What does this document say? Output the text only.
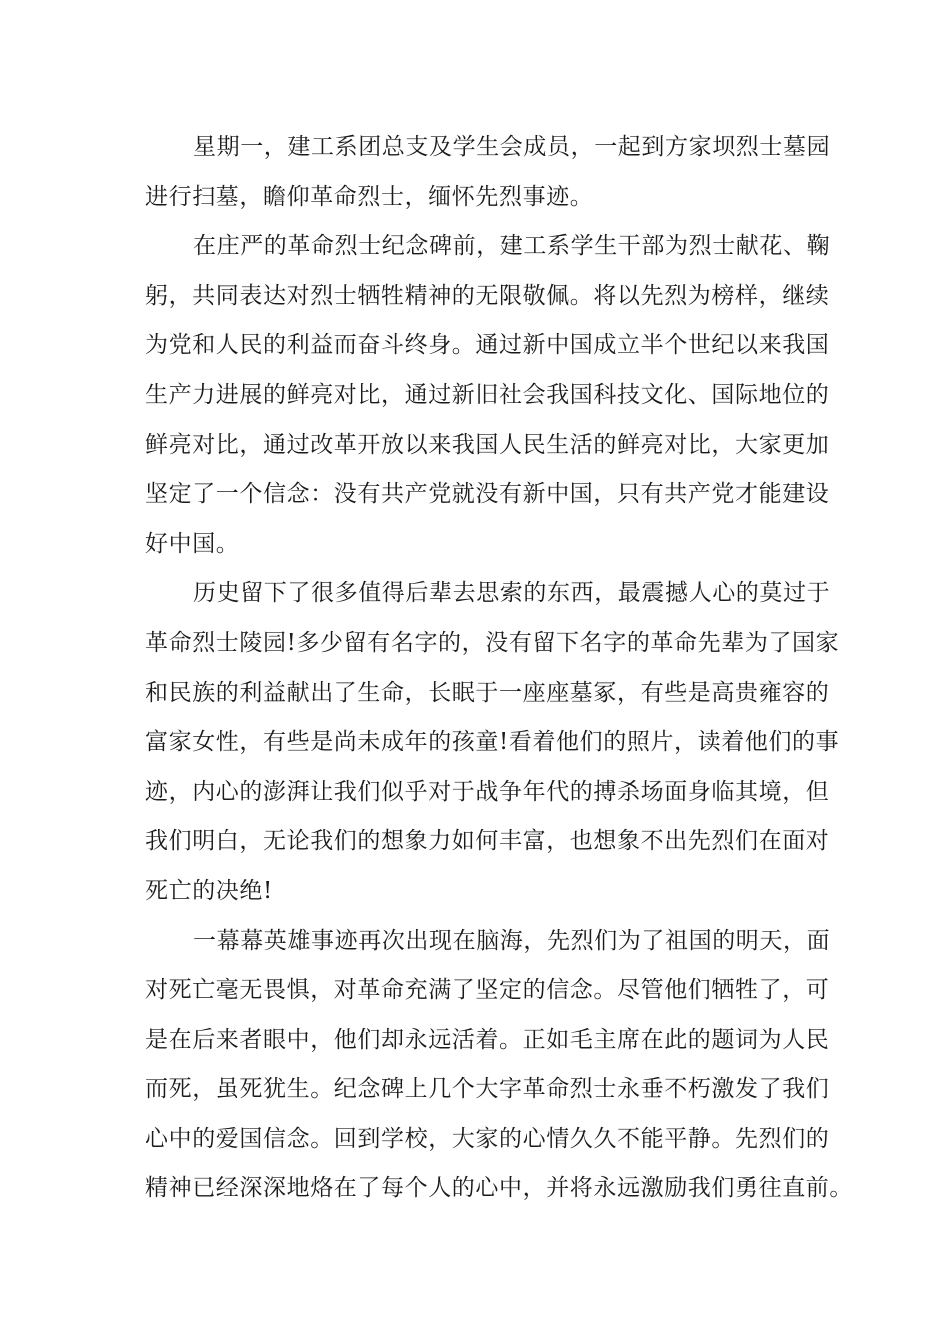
星期一，建工系团总支及学生会成员，一起到方家坝烈士墓园
进行扫墓，瞻仰革命烈士，缅怀先烈事迹。
在庄严的革命烈士纪念碑前，建工系学生干部为烈士献花、鞠
躬，共同表达对烈士牺牲精神的无限敬佩。将以先烈为榜样，继续
为党和人民的利益而奋斗终身。通过新中国成立半个世纪以来我国
生产力进展的鲜亮对比，通过新旧社会我国科技文化、国际地位的
鲜亮对比，通过改革开放以来我国人民生活的鲜亮对比，大家更加
坚定了一个信念：没有共产党就没有新中国，只有共产党才能建设
好中国。
历史留下了很多值得后辈去思索的东西，最震撼人心的莫过于
革命烈士陵园!多少留有名字的，没有留下名字的革命先辈为了国家
和民族的利益献出了生命，长眠于一座座墓冢，有些是高贵雍容的
富家女性，有些是尚未成年的孩童!看着他们的照片，读着他们的事
迹，内心的澎湃让我们似乎对于战争年代的搏杀场面身临其境，但
我们明白，无论我们的想象力如何丰富，也想象不出先烈们在面对
死亡的决绝!
一幕幕英雄事迹再次出现在脑海，先烈们为了祖国的明天，面
对死亡毫无畏惧，对革命充满了坚定的信念。尽管他们牺牲了，可
是在后来者眼中，他们却永远活着。正如毛主席在此的题词为人民
而死，虽死犹生。纪念碑上几个大字革命烈士永垂不朽激发了我们
心中的爱国信念。回到学校，大家的心情久久不能平静。先烈们的
精神已经深深地烙在了每个人的心中，并将永远激励我们勇往直前。
